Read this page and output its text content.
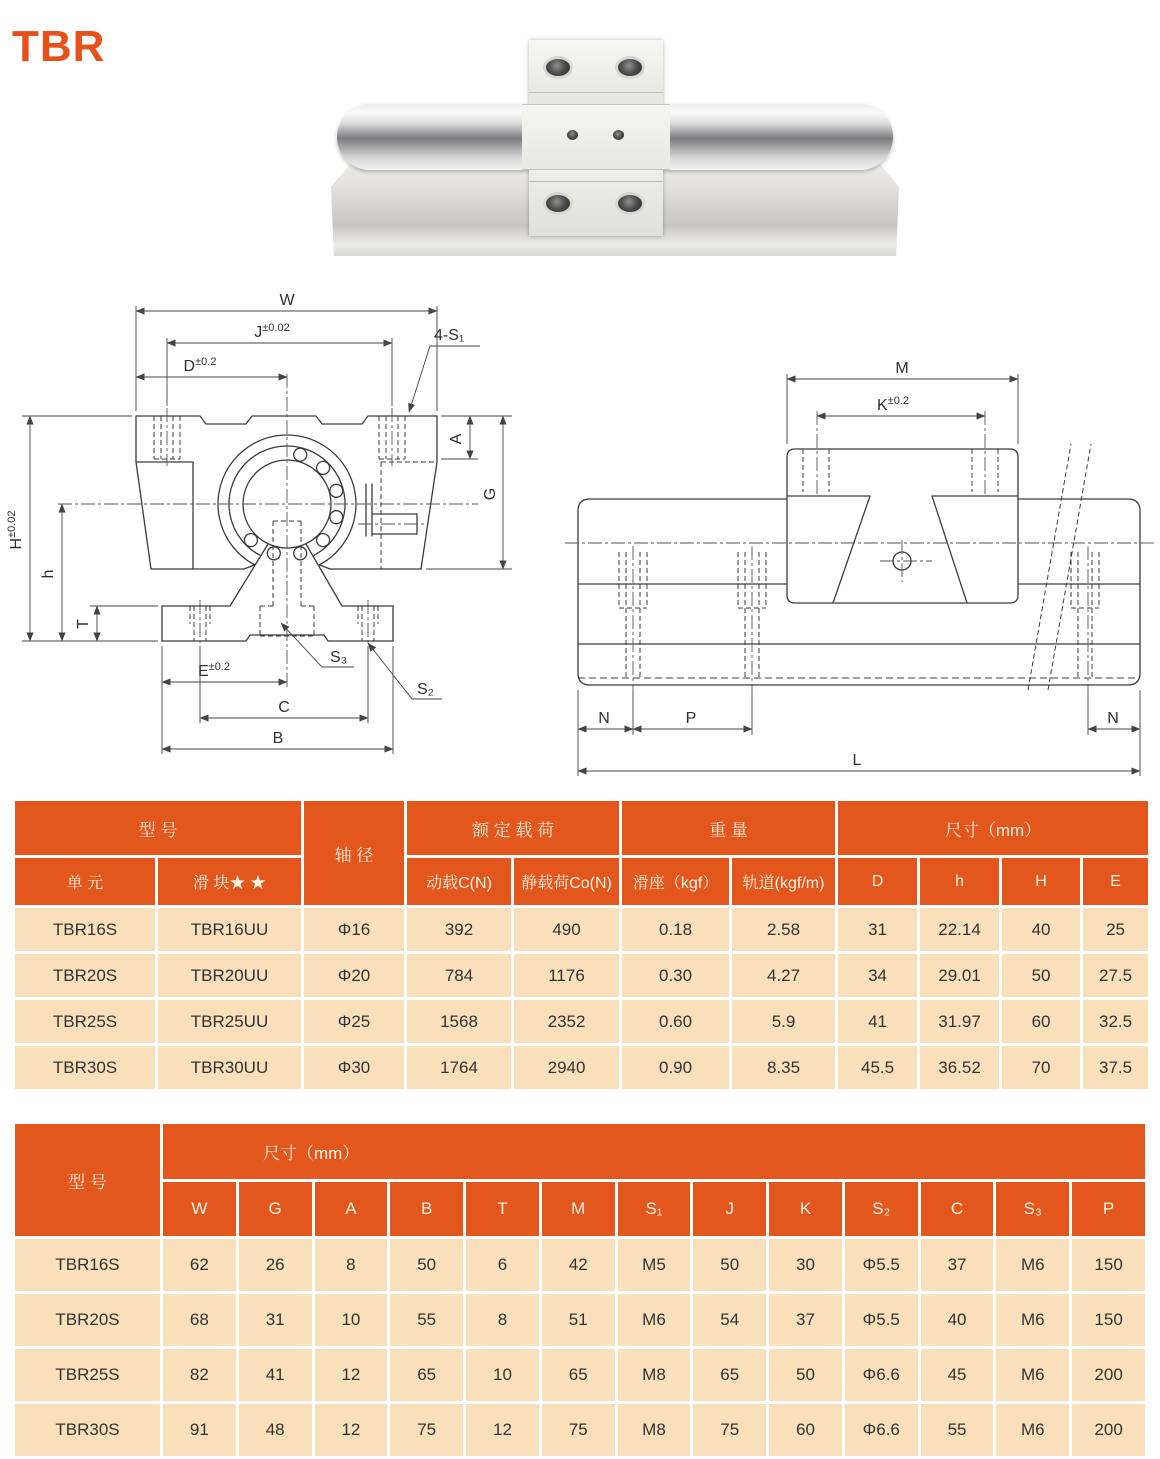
TBR
W
$J^{\pm 0.02}$
$D^{\pm 0.2}$
4-S₁
A
G
$H^{\pm 0.02}$
h
T
$E^{\pm 0.2}$
C
B
S₃
S₂
M
$K^{\pm 0.2}$
N	P	N
L
型 号		轴 径	额 定 载 荷		重 量		尺寸（mm）			
单 元	滑 块★ ★		动载C(N)	静载荷Co(N)	滑座（kgf）	轨道(kgf/m)	D	h	H	E
TBR16S	TBR16UU	Φ16	392	490	0.18	2.58	31	22.14	40	25
TBR20S	TBR20UU	Φ20	784	1176	0.30	4.27	34	29.01	50	27.5
TBR25S	TBR25UU	Φ25	1568	2352	0.60	5.9	41	31.97	60	32.5
TBR30S	TBR30UU	Φ30	1764	2940	0.90	8.35	45.5	36.52	70	37.5
型 号	尺寸（mm）												
	W	G	A	B	T	M	S₁	J	K	S₂	C	S₃	P
TBR16S	62	26	8	50	6	42	M5	50	30	Φ5.5	37	M6	150
TBR20S	68	31	10	55	8	51	M6	54	37	Φ5.5	40	M6	150
TBR25S	82	41	12	65	10	65	M8	65	50	Φ6.6	45	M6	200
TBR30S	91	48	12	75	12	75	M8	75	60	Φ6.6	55	M6	200
